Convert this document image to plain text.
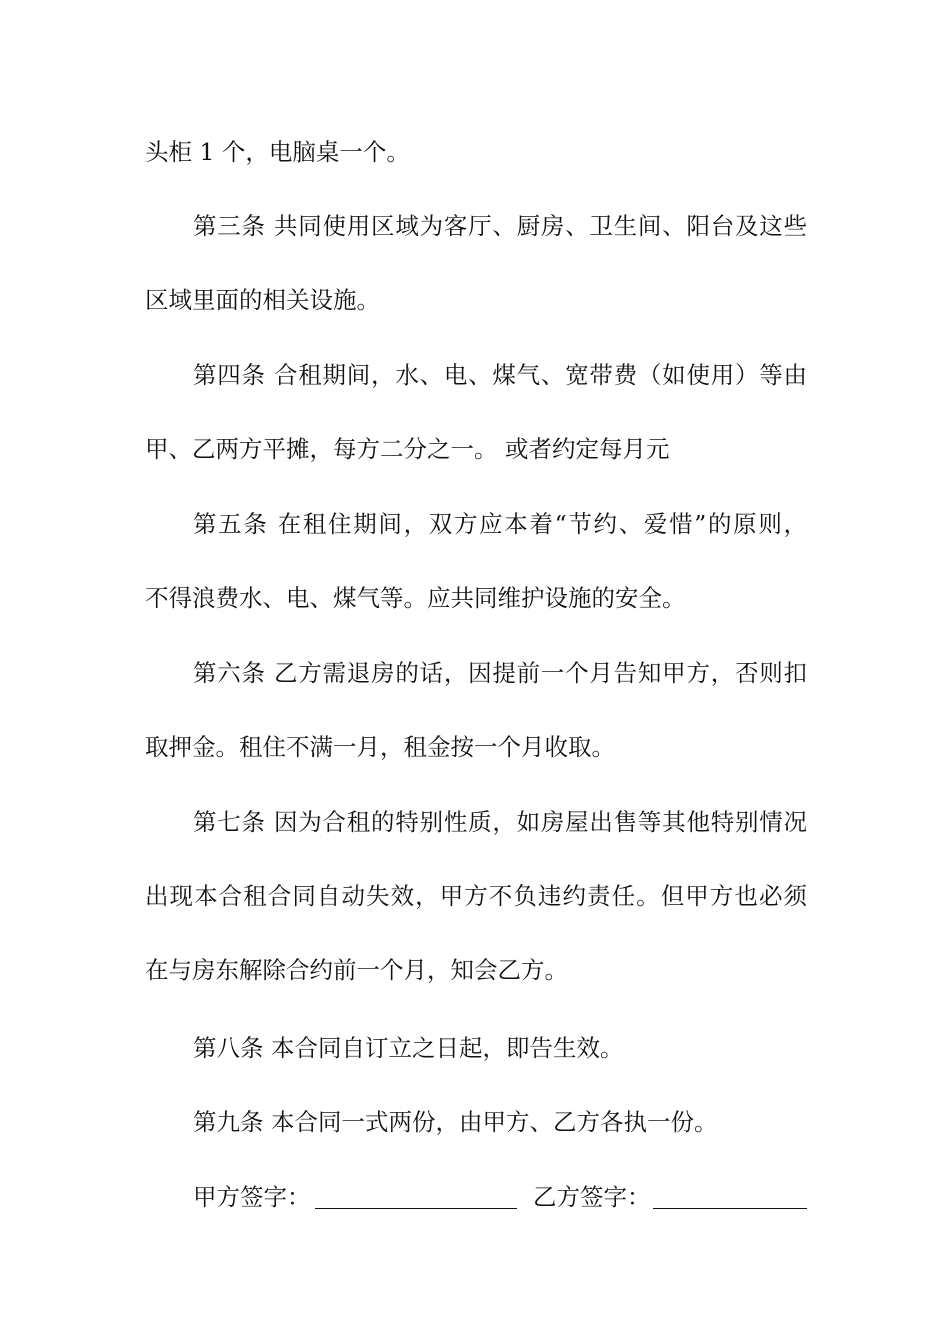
头柜 1 个，电脑桌一个。
第三条 共同使用区域为客厅、厨房、卫生间、阳台及这些
区域里面的相关设施。
第四条 合租期间，水、电、煤气、宽带费（如使用）等由
甲、乙两方平摊，每方二分之一。 或者约定每月元
第五条 在租住期间，双方应本着“节约、爱惜”的原则，
不得浪费水、电、煤气等。应共同维护设施的安全。
第六条 乙方需退房的话，因提前一个月告知甲方，否则扣
取押金。租住不满一月，租金按一个月收取。
第七条 因为合租的特别性质，如房屋出售等其他特别情况
出现本合租合同自动失效，甲方不负违约责任。但甲方也必须
在与房东解除合约前一个月，知会乙方。
第八条 本合同自订立之日起，即告生效。
第九条 本合同一式两份，由甲方、乙方各执一份。
甲方签字：	乙方签字：
